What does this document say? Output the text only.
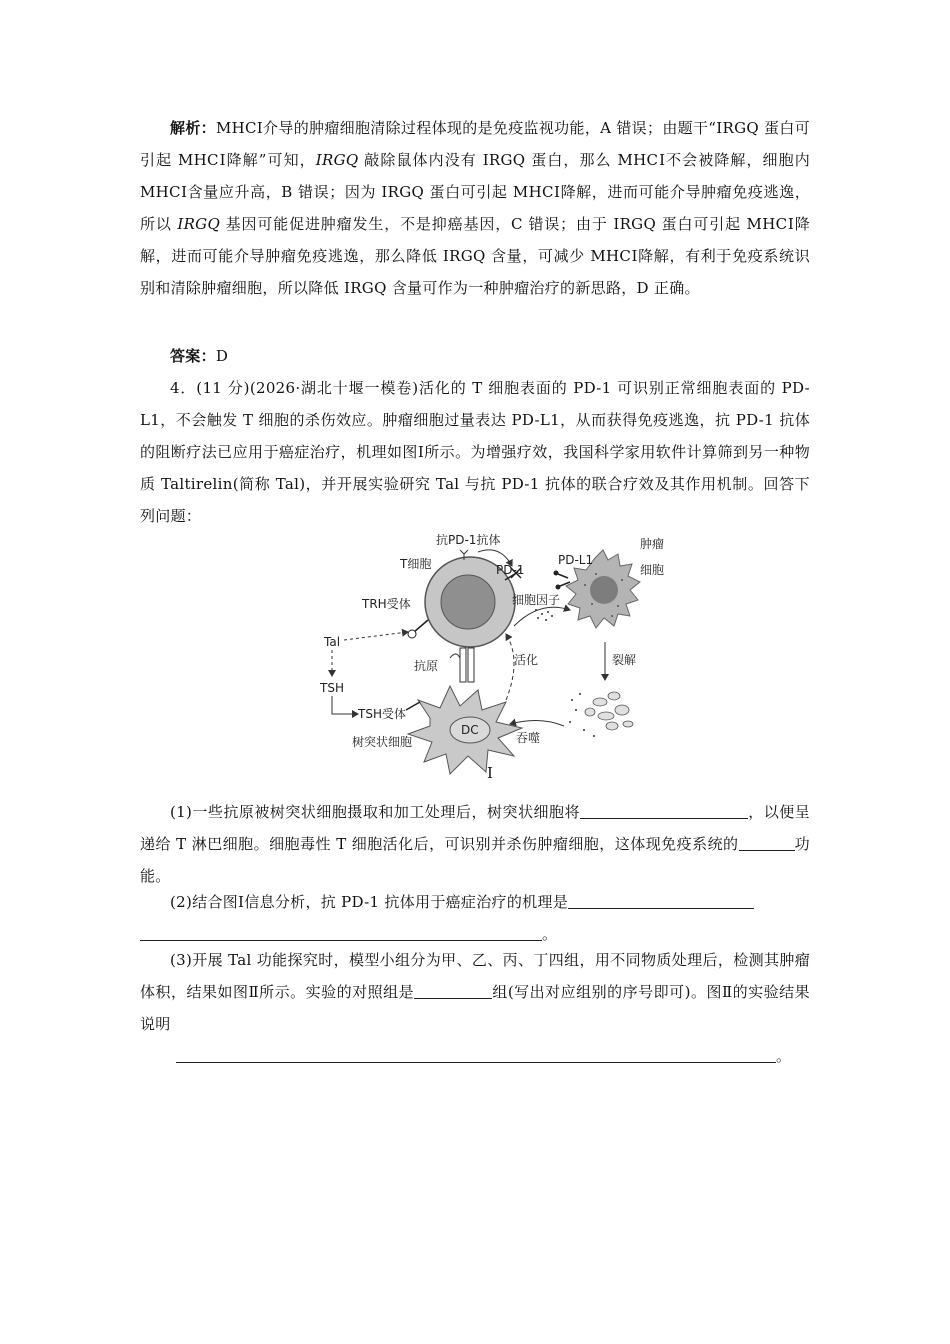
解析：MHCⅠ介导的肿瘤细胞清除过程体现的是免疫监视功能，A 错误；由题干“IRGQ 蛋白可引起 MHCⅠ降解”可知，IRGQ 敲除鼠体内没有 IRGQ 蛋白，那么 MHCⅠ不会被降解，细胞内 MHCⅠ含量应升高，B 错误；因为 IRGQ 蛋白可引起 MHCⅠ降解，进而可能介导肿瘤免疫逃逸，所以 IRGQ 基因可能促进肿瘤发生，不是抑癌基因，C 错误；由于 IRGQ 蛋白可引起 MHCⅠ降解，进而可能介导肿瘤免疫逃逸，那么降低 IRGQ 含量，可减少 MHCⅠ降解，有利于免疫系统识别和清除肿瘤细胞，所以降低 IRGQ 含量可作为一种肿瘤治疗的新思路，D 正确。

答案：D

4．(11 分)(2026·湖北十堰一模卷)活化的 T 细胞表面的 PD-1 可识别正常细胞表面的 PD-L1，不会触发 T 细胞的杀伤效应。肿瘤细胞过量表达 PD-L1，从而获得免疫逃逸，抗 PD-1 抗体的阻断疗法已应用于癌症治疗，机理如图Ⅰ所示。为增强疗效，我国科学家用软件计算筛到另一种物质 Taltirelin(简称 Tal)，并开展实验研究 Tal 与抗 PD-1 抗体的联合疗效及其作用机制。回答下列问题：

抗PD-1抗体
T细胞	PD-1
PD-L1
肿瘤
细胞
TRH受体	细胞因子
Tal
抗原	活化	裂解
TSH
TSH受体
DC
树突状细胞	吞噬
Ⅰ

(1)一些抗原被树突状细胞摄取和加工处理后，树突状细胞将	，以便呈递给 T 淋巴细胞。细胞毒性 T 细胞活化后，可识别并杀伤肿瘤细胞，这体现免疫系统的	功能。

(2)结合图Ⅰ信息分析，抗 PD-1 抗体用于癌症治疗的机理是
。

(3)开展 Tal 功能探究时，模型小组分为甲、乙、丙、丁四组，用不同物质处理后，检测其肿瘤体积，结果如图Ⅱ所示。实验的对照组是	组(写出对应组别的序号即可)。图Ⅱ的实验结果说明

。
